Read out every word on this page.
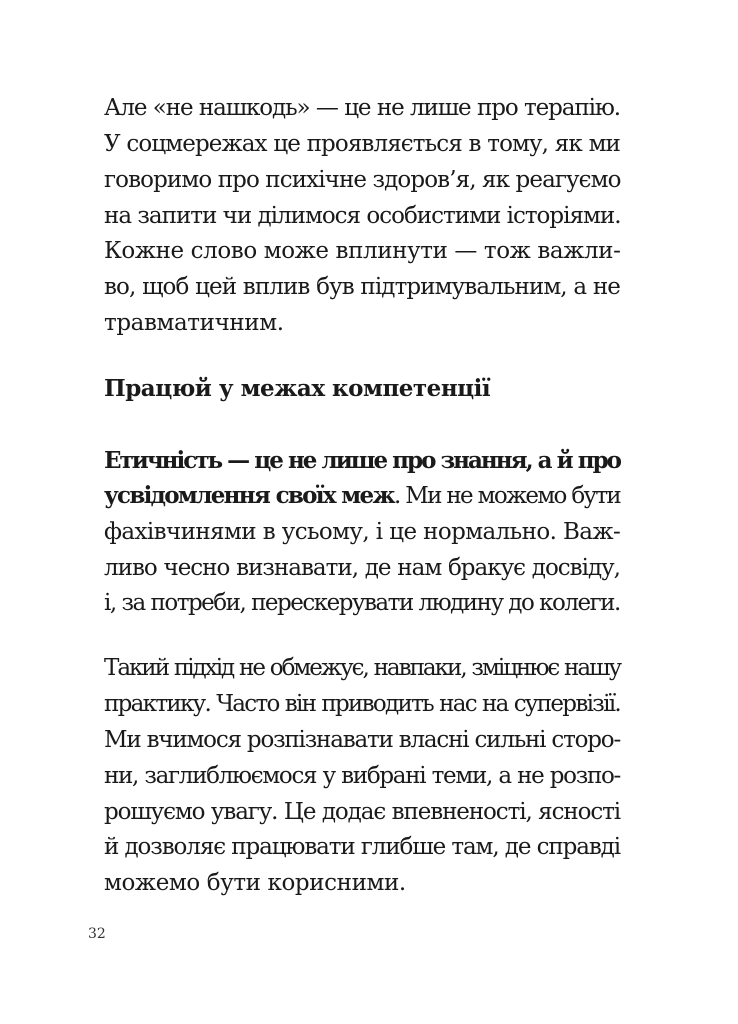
Але «не нашкодь» — це не лише про терапію.
У соцмережах це проявляється в тому, як ми
говоримо про психічне здоров’я, як реагуємо
на запити чи ділимося особистими історіями.
Кожне слово може вплинути — тож важли-
во, щоб цей вплив був підтримувальним, а не
травматичним.
Працюй у межах компетенції
Етичність — це не лише про знання, а й про
усвідомлення своїх меж. Ми не можемо бути
фахівчинями в усьому, і це нормально. Важ-
ливо чесно визнавати, де нам бракує досвіду,
і, за потреби, перескерувати людину до колеги.
Такий підхід не обмежує, навпаки, зміцнює нашу
практику. Часто він приводить нас на супервізії.
Ми вчимося розпізнавати власні сильні сторо-
ни, заглиблюємося у вибрані теми, а не розпо-
рошуємо увагу. Це додає впевненості, ясності
й дозволяє працювати глибше там, де справді
можемо бути корисними.
32
